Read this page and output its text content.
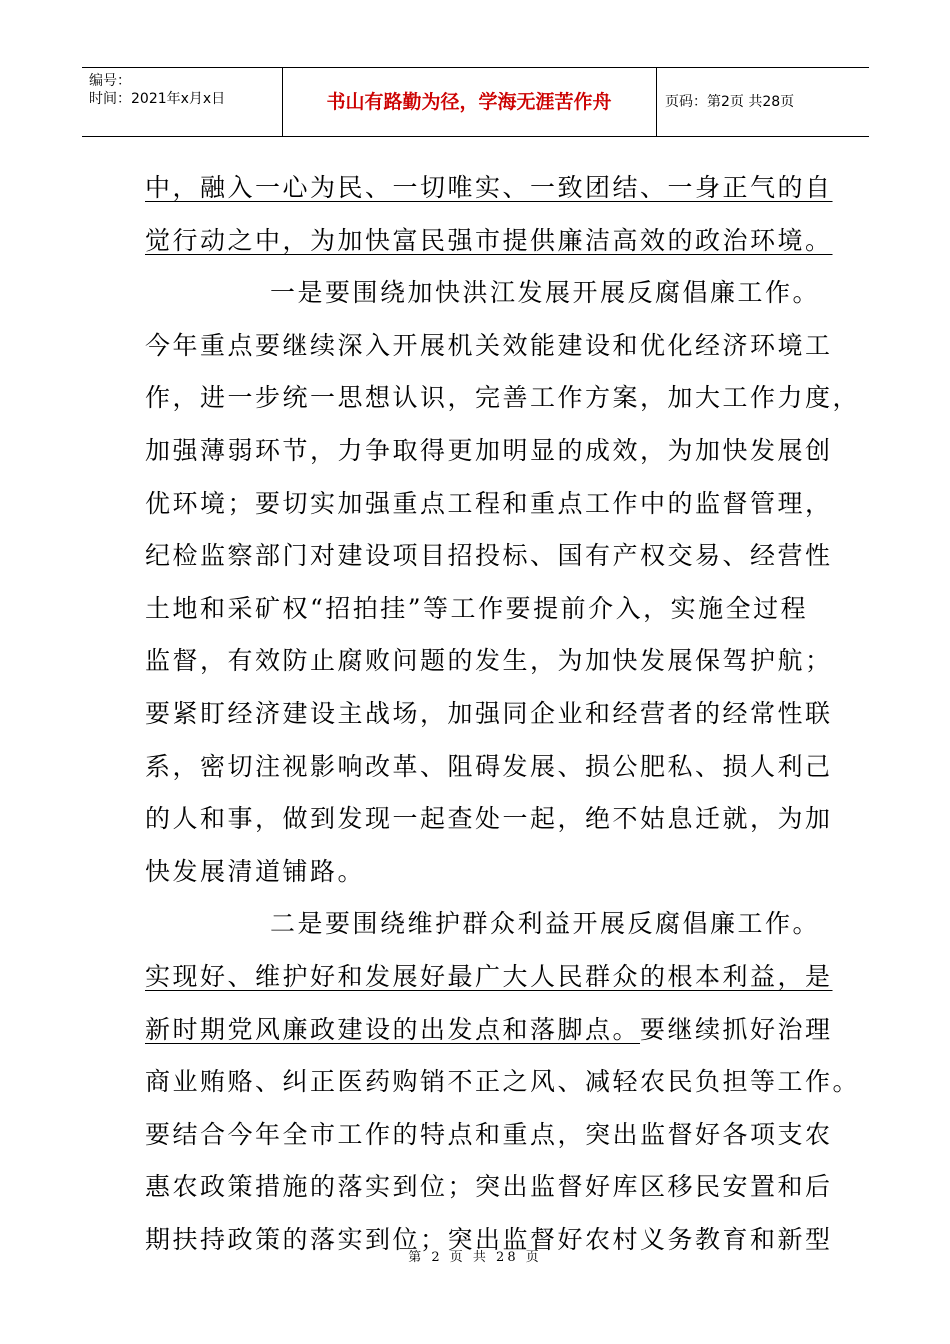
编号：
时间：2021年x月x日	书山有路勤为径，学海无涯苦作舟	页码：第2页 共28页
中，融入一心为民、一切唯实、一致团结、一身正气的自
觉行动之中，为加快富民强市提供廉洁高效的政治环境。
一是要围绕加快洪江发展开展反腐倡廉工作。
今年重点要继续深入开展机关效能建设和优化经济环境工
作，进一步统一思想认识，完善工作方案，加大工作力度，
加强薄弱环节，力争取得更加明显的成效，为加快发展创
优环境；要切实加强重点工程和重点工作中的监督管理，
纪检监察部门对建设项目招投标、国有产权交易、经营性
土地和采矿权“招拍挂”等工作要提前介入，实施全过程
监督，有效防止腐败问题的发生，为加快发展保驾护航；
要紧盯经济建设主战场，加强同企业和经营者的经常性联
系，密切注视影响改革、阻碍发展、损公肥私、损人利己
的人和事，做到发现一起查处一起，绝不姑息迁就，为加
快发展清道铺路。
二是要围绕维护群众利益开展反腐倡廉工作。
实现好、维护好和发展好最广大人民群众的根本利益，是
新时期党风廉政建设的出发点和落脚点。要继续抓好治理
商业贿赂、纠正医药购销不正之风、减轻农民负担等工作。
要结合今年全市工作的特点和重点，突出监督好各项支农
惠农政策措施的落实到位；突出监督好库区移民安置和后
期扶持政策的落实到位；突出监督好农村义务教育和新型
第 2 页 共 28 页
